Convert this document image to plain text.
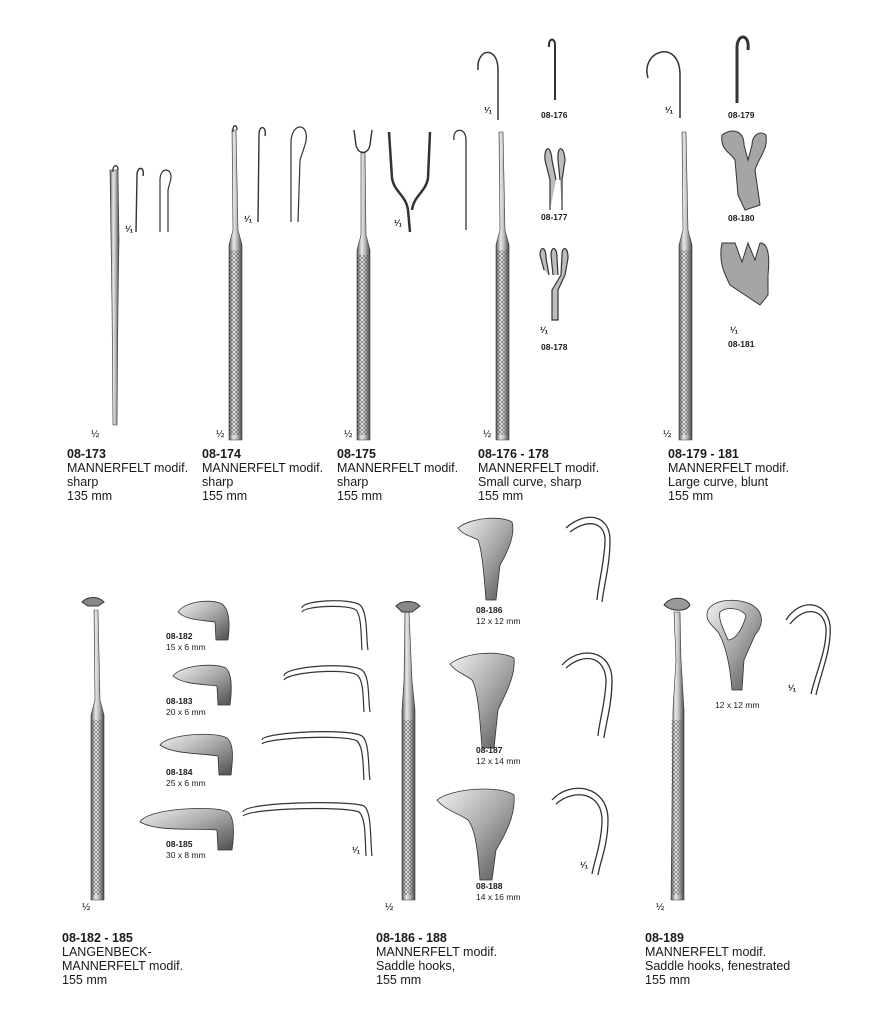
½	½	½	½	½
½	½	½
¹⁄₁
¹⁄₁	¹⁄₁
¹⁄₁
¹⁄₁
¹⁄₁
¹⁄₁
¹⁄₁
¹⁄₁
¹⁄₁
08-176
08-177
08-178
08-179
08-180
08-181
08-182
15 x 6 mm
08-183
20 x 6 mm
08-184
25 x 6 mm
08-185
30 x 8 mm
08-186
12 x 12 mm
08-187
12 x 14 mm
08-188
14 x 16 mm
12 x 12 mm
08-173
MANNERFELT modif.
sharp
135 mm
08-174
MANNERFELT modif.
sharp
155 mm
08-175
MANNERFELT modif.
sharp
155 mm
08-176 - 178
MANNERFELT modif.
Small curve, sharp
155 mm
08-179 - 181
MANNERFELT modif.
Large curve, blunt
155 mm
08-182 - 185
LANGENBECK-
MANNERFELT modif.
155 mm
08-186 - 188
MANNERFELT modif.
Saddle hooks,
155 mm
08-189
MANNERFELT modif.
Saddle hooks, fenestrated
155 mm
